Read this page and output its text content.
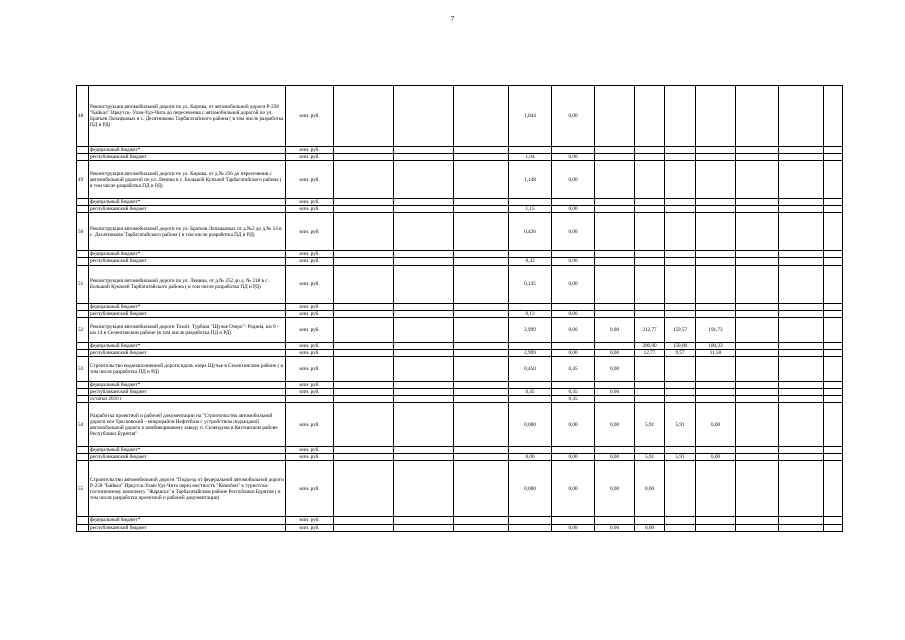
7
48	Реконструкция автомобильной дороги по ул. Кирова, от автомобильной дороги Р-258 "Байкал" Иркутск- Улан-Удэ-Чита до пересечения с автомобильной дорогой по ул. Братьев Лопацковых в с. Десятниково Тарбагатайского района ( в том числе разработка ПД и РД)	млн. руб.				1,044	0,00							
	федеральный бюджет*	млн. руб.												
	республиканский бюджет	млн. руб.				1,04	0,00							
49	Реконструкция автомобильной дороги по ул. Кирова, от д.№ 256 до пересечения с автомобильной дорогой по ул. Ленина в с. Большой Куналей Тарбагатайского района ( в том числе разработка ПД и РД)	млн. руб.				1,148	0,00							
	федеральный бюджет*	млн. руб.												
	республиканский бюджет	млн. руб.				1,15	0,00							
50	Реконструкция автомобильной дороги по ул. Братьев Лопацковых от д.№2 до д.№ 54 в с. Десятниково Тарбагатайского района ( в том числе разработка ПД и РД)	млн. руб.				0,426	0,00							
	федеральный бюджет*	млн. руб.												
	республиканский бюджет	млн. руб.				0,43	0,00							
51	Реконструкция автомобильной дороги по ул. Ленина, от д.№ 252 до д. № 218 в с. Большой Куналей Тарбагатайского района ( в том числе разработка ПД и РД)	млн. руб.				0,135	0,00							
	федеральный бюджет*	млн. руб.												
	республиканский бюджет	млн. руб.				0,13	0,00							
52	Реконструкция автомобильной дороги Тохой- Турбаза "Щучье Озеро"- Родина, км 0 - км 14 в Селенгинском районе (в том числе разработка ПД и РД)	млн. руб.				2,999	0,00	0,00	212,77	159,57	191,73			
	федеральный бюджет*	млн. руб.							200,00	150,00	180,23			
	республиканский бюджет	млн. руб.				2,999	0,00	0,00	12,77	9,57	11,50			
53	Строительство водонаполненной дороги вдоль озера Щучье в Селенгинском районе ( в том числе разработка ПД и РД)	млн. руб.				0,450	0,45	0,00						
	федеральный бюджет*	млн. руб.												
	республиканский бюджет	млн. руб.				0,45	0,45	0,00						
	остатки 2016 г						0,45							
54	Разработка проектной и рабочей документации на "Строительство автомобильной дороги м/н Тресковский - микрорайон Нефтебаза с устройством подъездной автомобильной дороги к комбикормовому заводу п. Селендума в Кяхтинском районе Республики Бурятия"	млн. руб.				0,000	0,00	0,00	5,91	5,91	0,00			
	федеральный бюджет*	млн. руб.												
	республиканский бюджет	млн. руб.				0,00	0,00	0,00	5,91	5,91	0,00			
55	Строительство автомобильной дороги "Подъезд от федеральной автомобильной дороги Р-258 "Байкал" Иркутск-Улан-Удэ-Чита через местность "Комобон" к туристско-гостиничному комплексу "Жарчиха" в Тарбагатайском районе Республики Бурятия ( в том числе разработка проектной и рабочей документации)	млн. руб.				0,000	0,00	0,00	0,00					
	федеральный бюджет*	млн. руб.												
	республиканский бюджет	млн. руб.					0,00	0,00	0,00					
